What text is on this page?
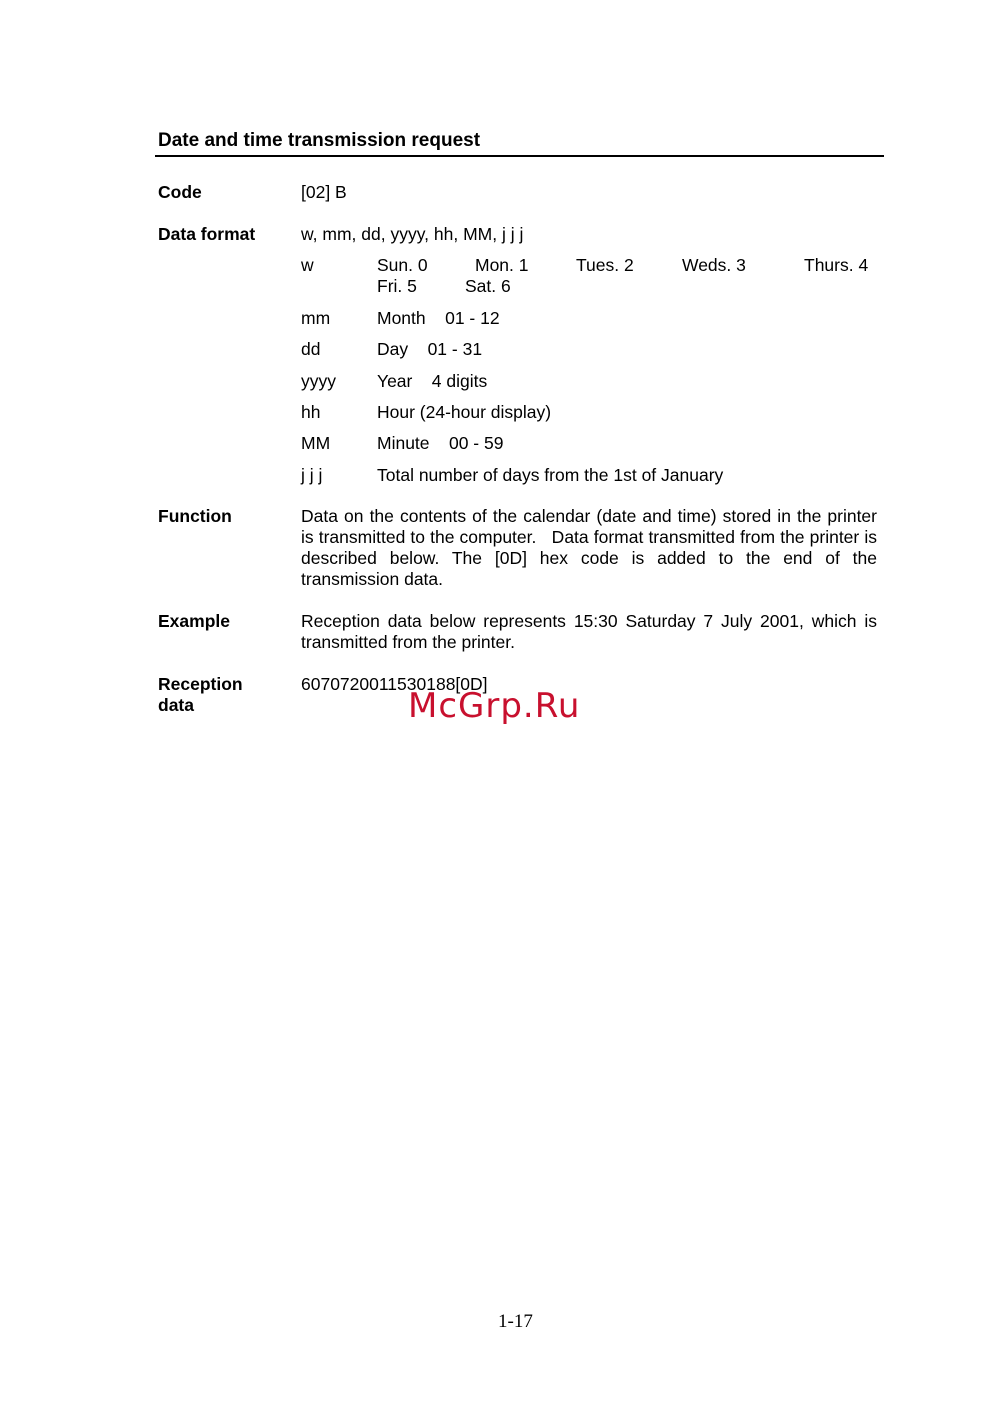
Date and time transmission request
Code	[02] B
Data format	w, mm, dd, yyyy, hh, MM, j j j
w	Sun. 0	Mon. 1	Tues. 2	Weds. 3	Thurs. 4
Fri. 5	Sat. 6
mm	Month    01 - 12
dd	Day    01 - 31
yyyy Year    4 digits
hh	Hour (24-hour display)
MM	Minute    00 - 59
j j j	Total number of days from the 1st of January
Function	Data on the contents of the calendar (date and time) stored in the printer is transmitted to the computer.   Data format transmitted from the printer is described below. The [0D] hex code is added to the end of the transmission data.
Example	Reception data below represents 15:30 Saturday 7 July 2001, which is transmitted from the printer.
Reception
data
6070720011530188[0D]
McGrp.Ru
1-17
